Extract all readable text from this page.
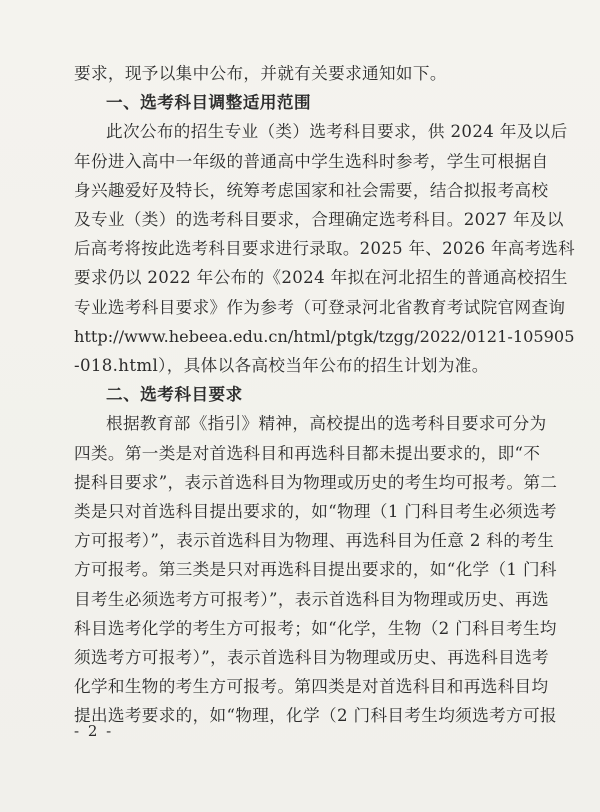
要求，现予以集中公布，并就有关要求通知如下。
一、选考科目调整适用范围
此次公布的招生专业（类）选考科目要求，供 2024 年及以后
年份进入高中一年级的普通高中学生选科时参考，学生可根据自
身兴趣爱好及特长，统筹考虑国家和社会需要，结合拟报考高校
及专业（类）的选考科目要求，合理确定选考科目。2027 年及以
后高考将按此选考科目要求进行录取。2025 年、2026 年高考选科
要求仍以 2022 年公布的《2024 年拟在河北招生的普通高校招生
专业选考科目要求》作为参考（可登录河北省教育考试院官网查询
http://www.hebeea.edu.cn/html/ptgk/tzgg/2022/0121-105905
-018.html），具体以各高校当年公布的招生计划为准。
二、选考科目要求
根据教育部《指引》精神，高校提出的选考科目要求可分为
四类。第一类是对首选科目和再选科目都未提出要求的，即“不
提科目要求”，表示首选科目为物理或历史的考生均可报考。第二
类是只对首选科目提出要求的，如“物理（1 门科目考生必须选考
方可报考）”，表示首选科目为物理、再选科目为任意 2 科的考生
方可报考。第三类是只对再选科目提出要求的，如“化学（1 门科
目考生必须选考方可报考）”，表示首选科目为物理或历史、再选
科目选考化学的考生方可报考；如“化学，生物（2 门科目考生均
须选考方可报考）”，表示首选科目为物理或历史、再选科目选考
化学和生物的考生方可报考。第四类是对首选科目和再选科目均
提出选考要求的，如“物理，化学（2 门科目考生均须选考方可报
- 2 -
